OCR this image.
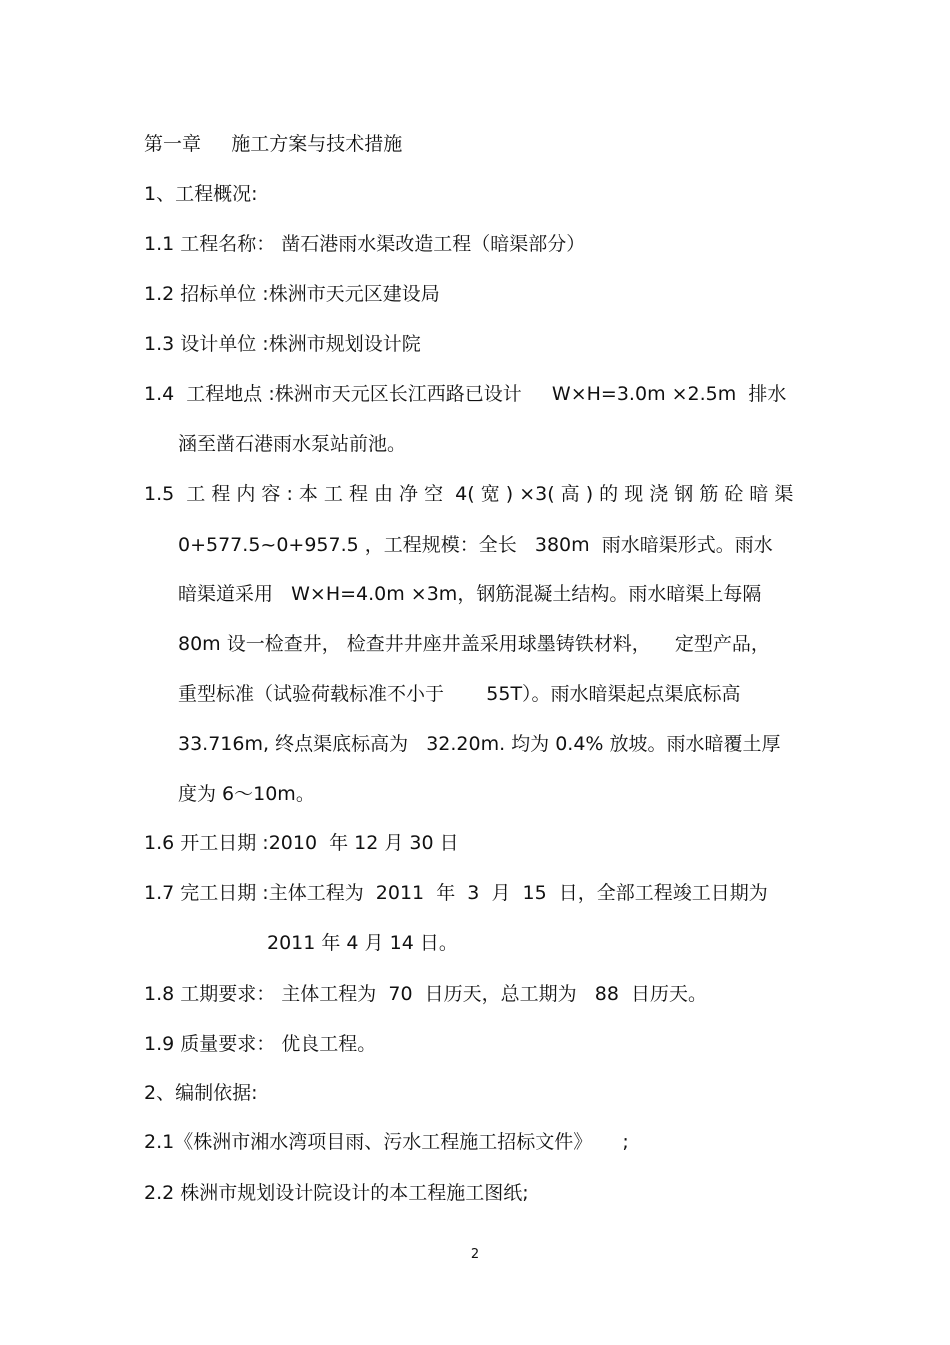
第一章     施工方案与技术措施
1、工程概况:
1.1 工程名称： 凿石港雨水渠改造工程（暗渠部分）
1.2 招标单位 :株洲市天元区建设局
1.3 设计单位 :株洲市规划设计院
1.4  工程地点 :株洲市天元区长江西路已设计     W×H=3.0m ×2.5m  排水
涵至凿石港雨水泵站前池。
1.5  工 程 内 容 : 本 工 程 由 净 空  4( 宽 ) ×3( 高 ) 的 现 浇 钢 筋 砼 暗 渠
0+577.5~0+957.5 ，工程规模：全长   380m  雨水暗渠形式。雨水
暗渠道采用   W×H=4.0m ×3m，钢筋混凝土结构。雨水暗渠上每隔
80m 设一检查井， 检查井井座井盖采用球墨铸铁材料，    定型产品，
重型标准（试验荷载标准不小于       55T）。雨水暗渠起点渠底标高
33.716m, 终点渠底标高为   32.20m. 均为 0.4% 放坡。雨水暗覆土厚
度为 6～10m。
1.6 开工日期 :2010  年 12 月 30 日
1.7 完工日期 :主体工程为  2011  年  3  月  15  日，全部工程竣工日期为
2011 年 4 月 14 日。
1.8 工期要求： 主体工程为  70  日历天，总工期为   88  日历天。
1.9 质量要求： 优良工程。
2、编制依据:
2.1《株洲市湘水湾项目雨、污水工程施工招标文件》     ;
2.2 株洲市规划设计院设计的本工程施工图纸;
2
